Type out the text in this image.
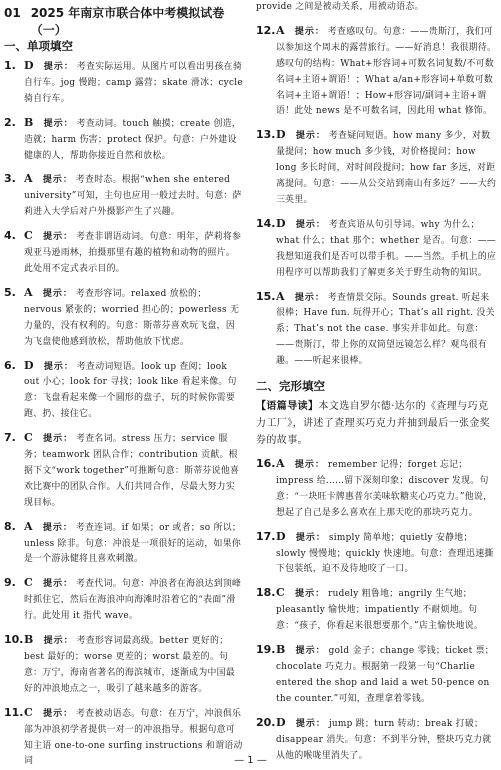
01 2025 年南京市联合体中考模拟试卷（一）
一、单项填空
1. D 提示： 考查实际运用。从图片可以看出男孩在骑自行车。jog 慢跑；camp 露营；skate 滑冰；cycle 骑自行车。
2. B 提示： 考查动词。touch 触摸；create 创造，造就；harm 伤害；protect 保护。句意：户外建设健康的人，帮助你接近自然和放松。
3. A 提示： 考查时态。根据“when she entered university”可知，主句也应用一般过去时。句意：萨莉进入大学后对户外摄影产生了兴趣。
4. C 提示： 考查非谓语动词。句意：明年，萨莉将参观亚马逊雨林，拍摄那里有趣的植物和动物的照片。此处用不定式表示目的。
5. A 提示： 考查形容词。relaxed 放松的；nervous 紧张的；worried 担心的；powerless 无力量的，没有权利的。句意：斯蒂芬喜欢玩飞盘，因为飞盘使他感到放松，帮助他放下忧虑。
6. D 提示： 考查动词短语。look up 查阅；look out 小心；look for 寻找；look like 看起来像。句意：飞盘看起来像一个圆形的盘子，玩的时候你需要跑、扔、接住它。
7. C 提示： 考查名词。stress 压力；service 服务；teamwork 团队合作；contribution 贡献。根据下文“work together”可推断句意：斯蒂芬说他喜欢比赛中的团队合作。人们共同合作，尽最大努力实现目标。
8. A 提示： 考查连词。if 如果；or 或者；so 所以；unless 除非。句意：冲浪是一项很好的运动，如果你是一个游泳健将且喜欢刺激。
9. C 提示： 考查代词。句意：冲浪者在海浪达到顶峰时抓住它，然后在海浪冲向海滩时沿着它的“表面”滑行。此处用 it 指代 wave。
10. B 提示： 考查形容词最高级。better 更好的；best 最好的；worse 更差的；worst 最差的。句意：万宁，海南省著名的海滨城市，逐渐成为中国最好的冲浪地点之一，吸引了越来越多的游客。
11. C 提示： 考查被动语态。句意：在万宁，冲浪俱乐部为冲浪初学者提供一对一的冲浪指导。根据句意可知主语 one-to-one surfing instructions 和谓语动词
provide 之间是被动关系，用被动语态。
12. A 提示： 考查感叹句。句意：——贵斯汀，我们可以参加这个周末的露营旅行。——好消息！我很期待。感叹句的结构：What+形容词+可数名词复数/不可数名词+主语+谓语！；What a/an+形容词+单数可数名词+主语+谓语！；How+形容词/副词+主语+谓语！此处 news 是不可数名词，因此用 what 修饰。
13. D 提示： 考查疑问短语。how many 多少，对数量提问；how much 多少钱，对价格提问；how long 多长时间，对时间段提问；how far 多远，对距离提问。句意：——从公交站到南山有多远？——大约三英里。
14. D 提示： 考查宾语从句引导词。why 为什么；what 什么；that 那个；whether 是否。句意：——我想知道我们是否可以带手机。——当然。手机上的应用程序可以帮助我们了解更多关于野生动物的知识。
15. A 提示： 考查情景交际。Sounds great. 听起来很棒；Have fun. 玩得开心；That’s all right. 没关系；That’s not the case. 事实并非如此。句意：——贵斯汀，带上你的双筒望远镜怎么样？观鸟很有趣。——听起来很棒。
二、完形填空
【语篇导读】本文选自罗尔德·达尔的《查理与巧克力工厂》，讲述了查理买巧克力并抽到最后一张金奖券的故事。
16. A 提示： remember 记得；forget 忘记；impress 给……留下深刻印象；discover 发现。句意：“一块旺卡牌惠普尔美味软糖夹心巧克力。”他说，想起了自己是多么喜欢在上那天吃的那块巧克力。
17. D 提示： simply 简单地；quietly 安静地；slowly 慢慢地；quickly 快速地。句意：查理迅速撕下包装纸，迫不及待地咬了一口。
18. C 提示： rudely 粗鲁地；angrily 生气地；pleasantly 愉快地；impatiently 不耐烦地。句意：“孩子，你看起来很想要那个。”店主愉快地说。
19. B 提示： gold 金子；change 零钱；ticket 票；chocolate 巧克力。根据第一段第一句“Charlie entered the shop and laid a wet 50-pence on the counter.”可知，查理拿着零钱。
20. D 提示： jump 跳；turn 转动；break 打破；disappear 消失。句意：不到半分钟，整块巧克力就从他的喉咙里消失了。
— 1 —
